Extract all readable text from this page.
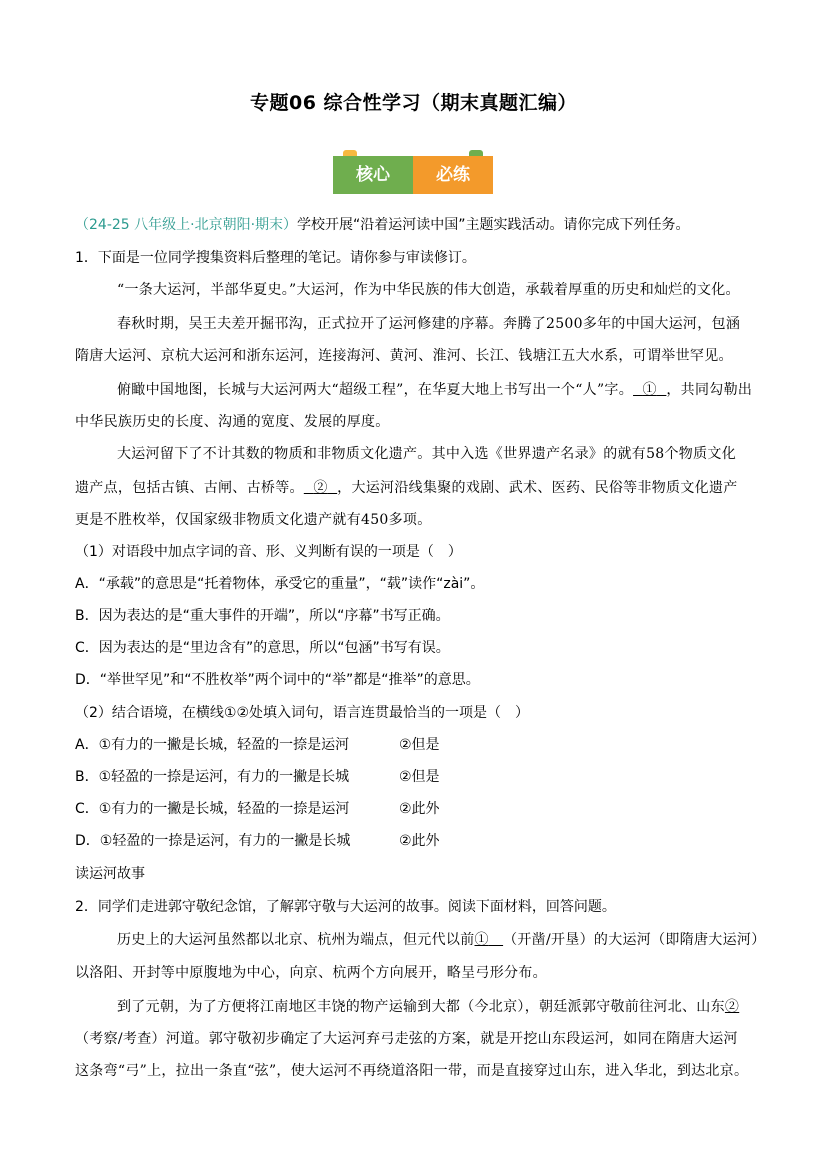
专题06 综合性学习（期末真题汇编）
核心	必练
（24-25 八年级上·北京朝阳·期末）学校开展“沿着运河读中国”主题实践活动。请你完成下列任务。
1．下面是一位同学搜集资料后整理的笔记。请你参与审读修订。
“一条大运河，半部华夏史。”大运河，作为中华民族的伟大创造，承载着厚重的历史和灿烂的文化。
春秋时期，吴王夫差开掘邗沟，正式拉开了运河修建的序幕。奔腾了2500多年的中国大运河，包涵
隋唐大运河、京杭大运河和浙东运河，连接海河、黄河、淮河、长江、钱塘江五大水系，可谓举世罕见。
俯瞰中国地图，长城与大运河两大“超级工程”，在华夏大地上书写出一个“人”字。 ① ，共同勾勒出
中华民族历史的长度、沟通的宽度、发展的厚度。
大运河留下了不计其数的物质和非物质文化遗产。其中入选《世界遗产名录》的就有58个物质文化
遗产点，包括古镇、古闸、古桥等。 ② ，大运河沿线集聚的戏剧、武术、医药、民俗等非物质文化遗产
更是不胜枚举，仅国家级非物质文化遗产就有450多项。
（1）对语段中加点字词的音、形、义判断有误的一项是（　）
A．“承载”的意思是“托着物体，承受它的重量”，“载”读作“zài”。
B．因为表达的是“重大事件的开端”，所以“序幕”书写正确。
C．因为表达的是“里边含有”的意思，所以“包涵”书写有误。
D．“举世罕见”和“不胜枚举”两个词中的“举”都是“推举”的意思。
（2）结合语境，在横线①②处填入词句，语言连贯最恰当的一项是（　）
A．①有力的一撇是长城，轻盈的一捺是运河	②但是
B．①轻盈的一捺是运河，有力的一撇是长城	②但是
C．①有力的一撇是长城，轻盈的一捺是运河	②此外
D．①轻盈的一捺是运河，有力的一撇是长城	②此外
读运河故事
2．同学们走进郭守敬纪念馆，了解郭守敬与大运河的故事。阅读下面材料，回答问题。
历史上的大运河虽然都以北京、杭州为端点，但元代以前① （开凿/开垦）的大运河（即隋唐大运河）
以洛阳、开封等中原腹地为中心，向京、杭两个方向展开，略呈弓形分布。
到了元朝，为了方便将江南地区丰饶的物产运输到大都（今北京），朝廷派郭守敬前往河北、山东②
（考察/考查）河道。郭守敬初步确定了大运河弃弓走弦的方案，就是开挖山东段运河，如同在隋唐大运河
这条弯“弓”上，拉出一条直“弦”，使大运河不再绕道洛阳一带，而是直接穿过山东，进入华北，到达北京。
